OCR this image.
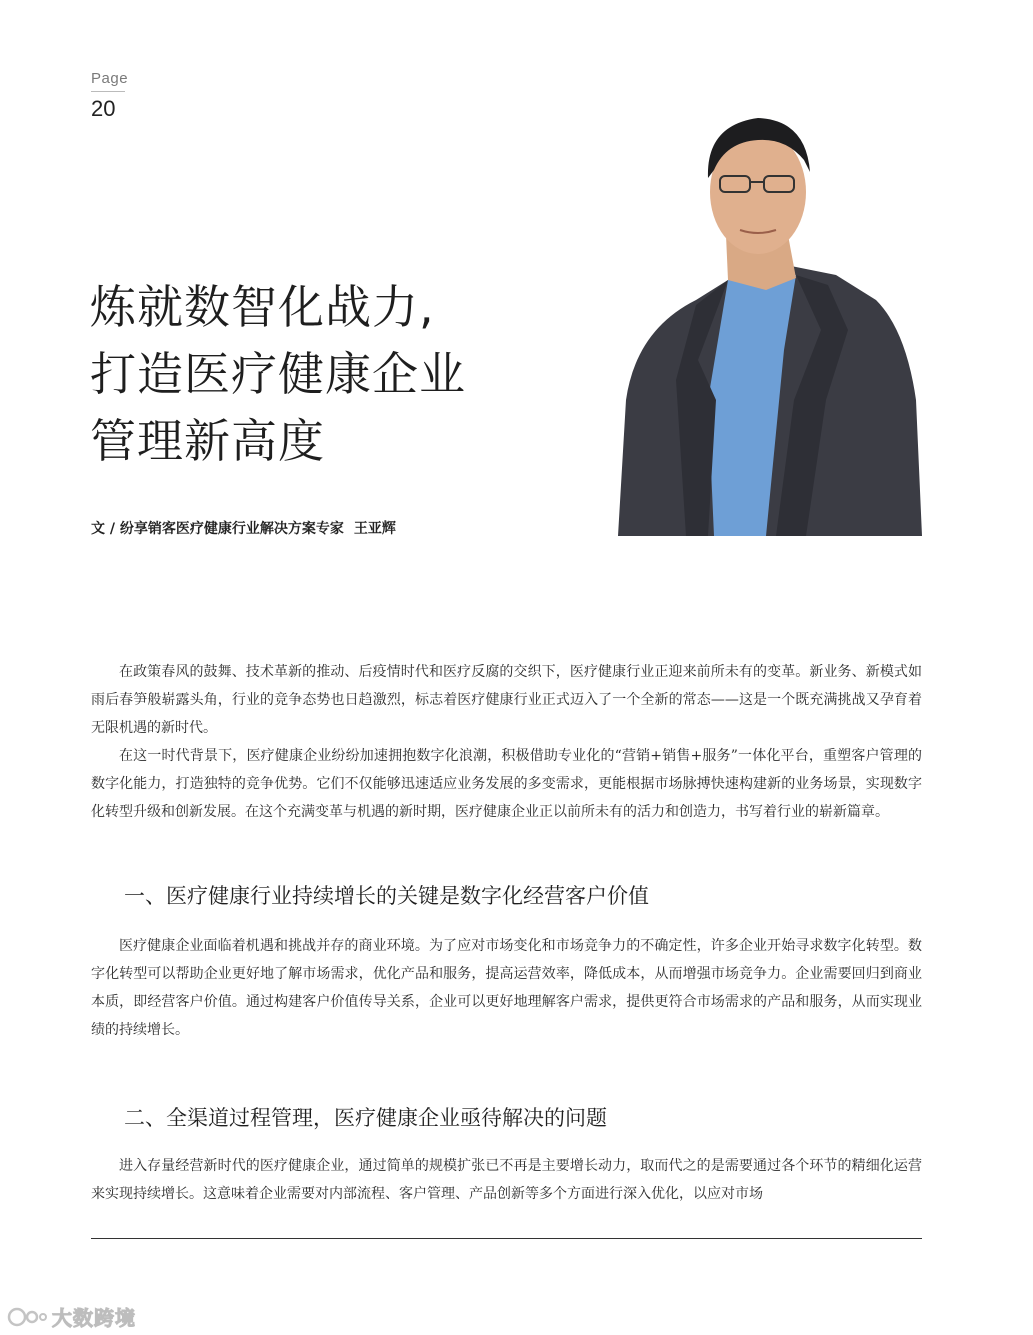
Page
20
炼就数智化战力,
打造医疗健康企业
管理新高度
文 / 纷享销客医疗健康行业解决方案专家 王亚辉

在政策春风的鼓舞、技术革新的推动、后疫情时代和医疗反腐的交织下，医疗健康行业正迎来前所未有的变革。新业务、新模式如雨后春笋般崭露头角，行业的竞争态势也日趋激烈，标志着医疗健康行业正式迈入了一个全新的常态——这是一个既充满挑战又孕育着无限机遇的新时代。

在这一时代背景下，医疗健康企业纷纷加速拥抱数字化浪潮，积极借助专业化的“营销+销售+服务”一体化平台，重塑客户管理的数字化能力，打造独特的竞争优势。它们不仅能够迅速适应业务发展的多变需求，更能根据市场脉搏快速构建新的业务场景，实现数字化转型升级和创新发展。在这个充满变革与机遇的新时期，医疗健康企业正以前所未有的活力和创造力，书写着行业的崭新篇章。

一、医疗健康行业持续增长的关键是数字化经营客户价值

医疗健康企业面临着机遇和挑战并存的商业环境。为了应对市场变化和市场竞争力的不确定性，许多企业开始寻求数字化转型。数字化转型可以帮助企业更好地了解市场需求，优化产品和服务，提高运营效率，降低成本，从而增强市场竞争力。企业需要回归到商业本质，即经营客户价值。通过构建客户价值传导关系，企业可以更好地理解客户需求，提供更符合市场需求的产品和服务，从而实现业绩的持续增长。

二、全渠道过程管理，医疗健康企业亟待解决的问题

进入存量经营新时代的医疗健康企业，通过简单的规模扩张已不再是主要增长动力，取而代之的是需要通过各个环节的精细化运营来实现持续增长。这意味着企业需要对内部流程、客户管理、产品创新等多个方面进行深入优化，以应对市场

大数跨境
